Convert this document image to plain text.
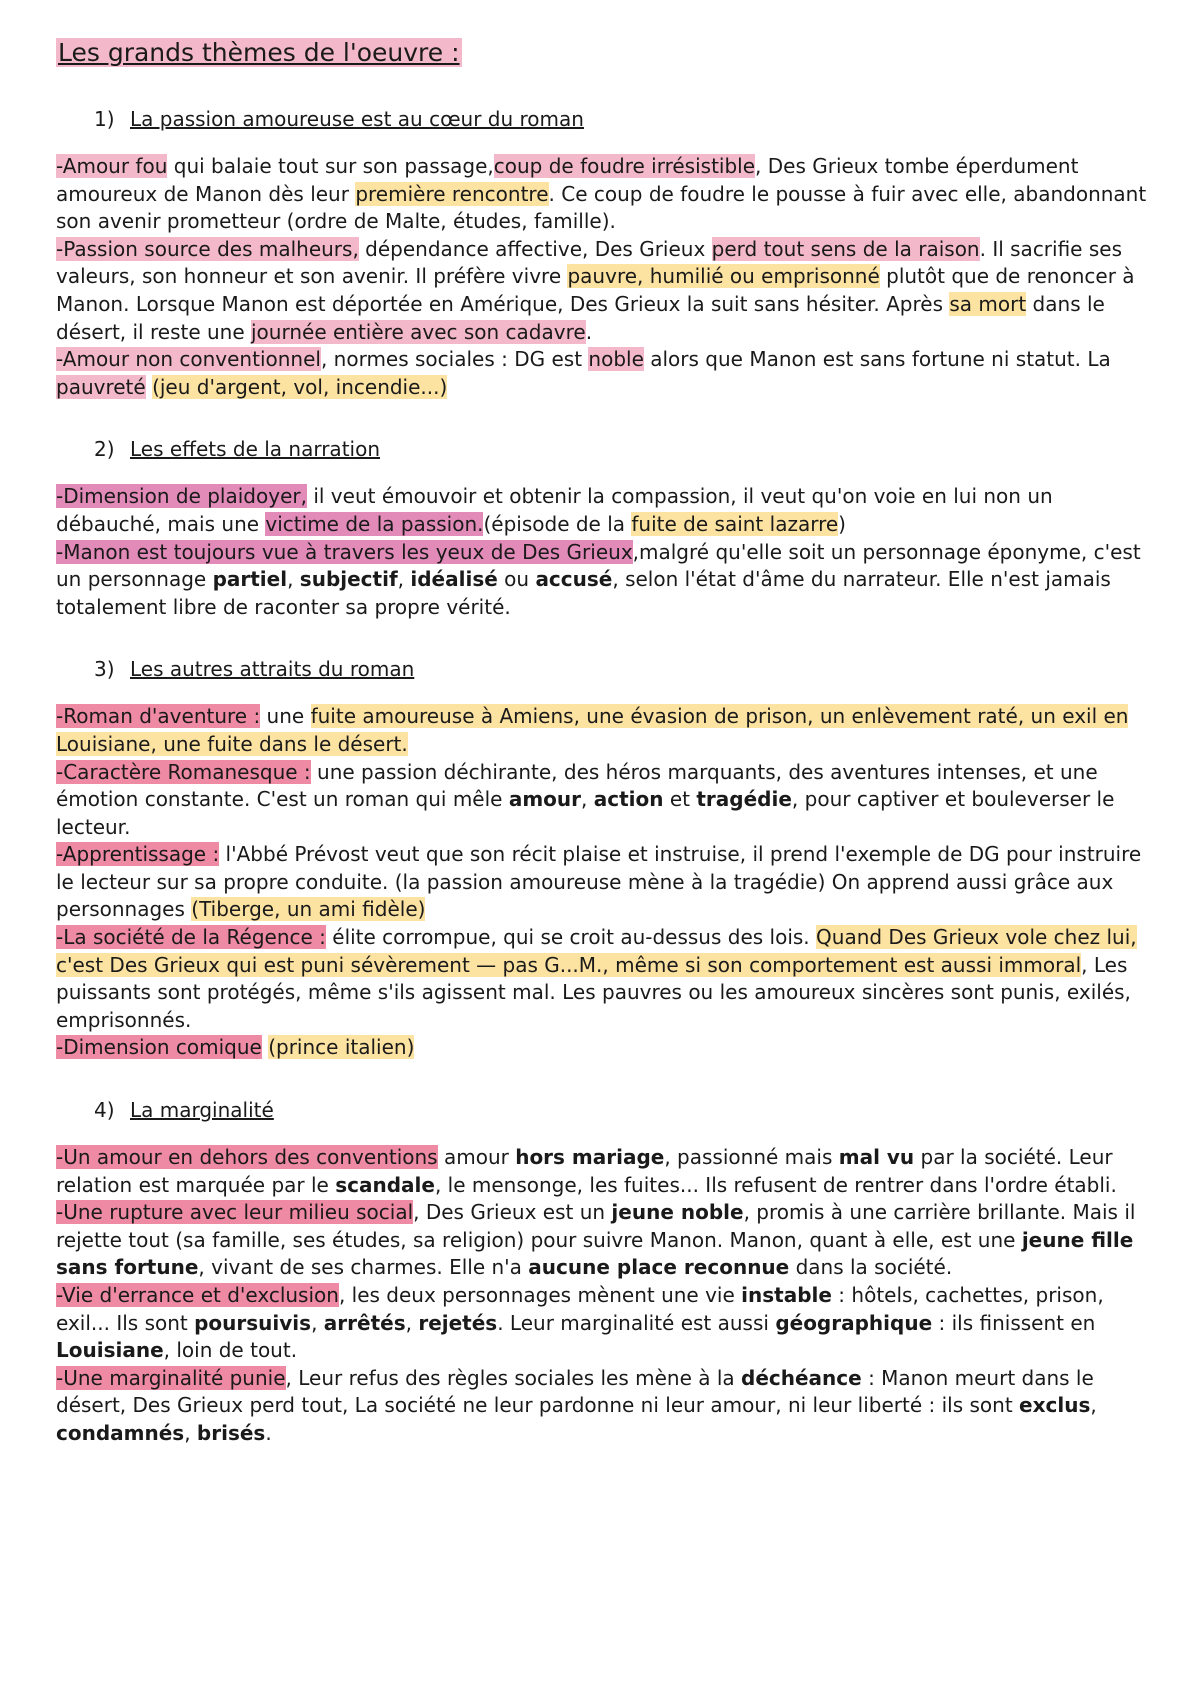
Les grands thèmes de l'oeuvre :
1) La passion amoureuse est au cœur du roman

-Amour fou qui balaie tout sur son passage,coup de foudre irrésistible, Des Grieux tombe éperdument amoureux de Manon dès leur première rencontre. Ce coup de foudre le pousse à fuir avec elle, abandonnant son avenir prometteur (ordre de Malte, études, famille).

-Passion source des malheurs, dépendance affective, Des Grieux perd tout sens de la raison. Il sacrifie ses valeurs, son honneur et son avenir. Il préfère vivre pauvre, humilié ou emprisonné plutôt que de renoncer à Manon. Lorsque Manon est déportée en Amérique, Des Grieux la suit sans hésiter. Après sa mort dans le désert, il reste une journée entière avec son cadavre.

-Amour non conventionnel, normes sociales : DG est noble alors que Manon est sans fortune ni statut. La pauvreté (jeu d'argent, vol, incendie...)

2) Les effets de la narration

-Dimension de plaidoyer, il veut émouvoir et obtenir la compassion, il veut qu'on voie en lui non un débauché, mais une victime de la passion.(épisode de la fuite de saint lazarre)

-Manon est toujours vue à travers les yeux de Des Grieux,malgré qu'elle soit un personnage éponyme, c'est un personnage partiel, subjectif, idéalisé ou accusé, selon l'état d'âme du narrateur. Elle n'est jamais totalement libre de raconter sa propre vérité.

3) Les autres attraits du roman

-Roman d'aventure : une fuite amoureuse à Amiens, une évasion de prison, un enlèvement raté, un exil en Louisiane, une fuite dans le désert.

-Caractère Romanesque : une passion déchirante, des héros marquants, des aventures intenses, et une émotion constante. C'est un roman qui mêle amour, action et tragédie, pour captiver et bouleverser le lecteur.

-Apprentissage : l'Abbé Prévost veut que son récit plaise et instruise, il prend l'exemple de DG pour instruire le lecteur sur sa propre conduite. (la passion amoureuse mène à la tragédie) On apprend aussi grâce aux personnages (Tiberge, un ami fidèle)

-La société de la Régence : élite corrompue, qui se croit au-dessus des lois. Quand Des Grieux vole chez lui, c'est Des Grieux qui est puni sévèrement — pas G...M., même si son comportement est aussi immoral, Les puissants sont protégés, même s'ils agissent mal. Les pauvres ou les amoureux sincères sont punis, exilés, emprisonnés.

-Dimension comique (prince italien)

4) La marginalité

-Un amour en dehors des conventions amour hors mariage, passionné mais mal vu par la société. Leur relation est marquée par le scandale, le mensonge, les fuites... Ils refusent de rentrer dans l'ordre établi.

-Une rupture avec leur milieu social, Des Grieux est un jeune noble, promis à une carrière brillante. Mais il rejette tout (sa famille, ses études, sa religion) pour suivre Manon. Manon, quant à elle, est une jeune fille sans fortune, vivant de ses charmes. Elle n'a aucune place reconnue dans la société.

-Vie d'errance et d'exclusion, les deux personnages mènent une vie instable : hôtels, cachettes, prison, exil... Ils sont poursuivis, arrêtés, rejetés. Leur marginalité est aussi géographique : ils finissent en Louisiane, loin de tout.

-Une marginalité punie, Leur refus des règles sociales les mène à la déchéance : Manon meurt dans le désert, Des Grieux perd tout, La société ne leur pardonne ni leur amour, ni leur liberté : ils sont exclus, condamnés, brisés.
